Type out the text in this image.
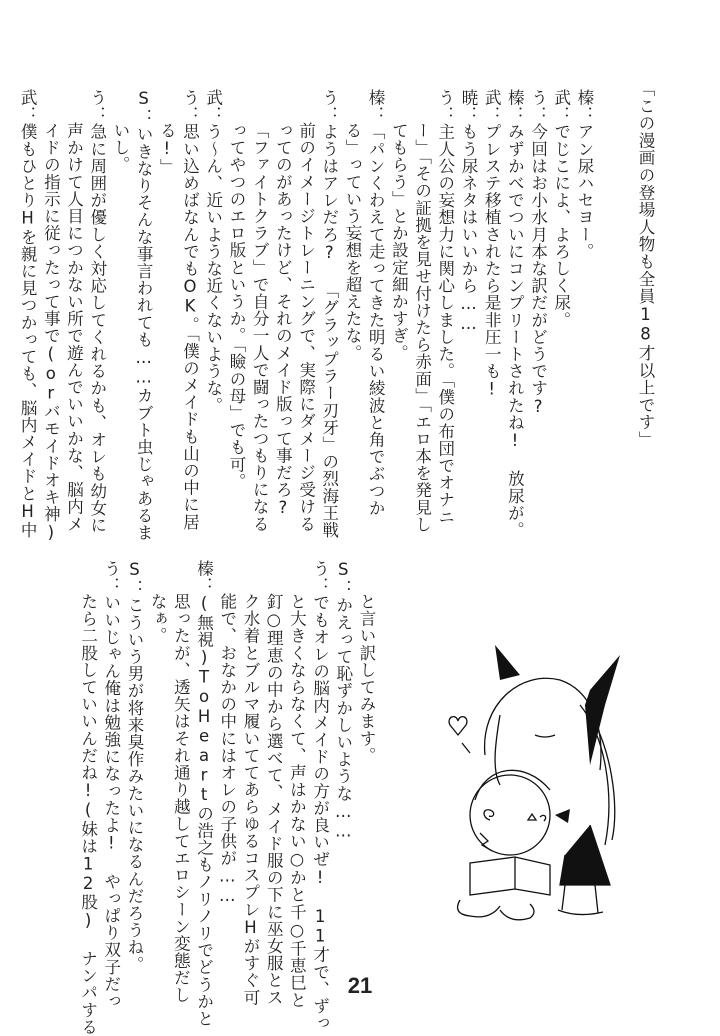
「この漫画の登場人物も全員18才以上です」
榛：アン尿ハセヨー。
武：でじこによ、よろしく尿。
う：今回はお小水月本な訳だがどうです?
榛：みずかべでついにコンプリートされたね! 放尿が。
武：プレステ移植されたら是非圧一も!
暁：もう尿ネタはいいから……
う：主人公の妄想力に関心しました。「僕の布団でオナニ
ー」「その証拠を見せ付けたら赤面」「エロ本を発見し
てもらう」とか設定細かすぎ。
榛：「パンくわえて走ってきた明るい綾波と角でぶつか
る」っていう妄想を超えたな。
う：ようはアレだろ? 「グラップラー刃牙」の烈海王戦
前のイメージトレーニングで、実際にダメージ受ける
ってのがあったけど、それのメイド版って事だろ?
「ファイトクラブ」で自分一人で闘ったつもりになる
ってやつのエロ版というか。「瞼の母」でも可。
武：う～ん、近いような近くないような。
う：思い込めばなんでもOK。「僕のメイドも山の中に居
る!」
S：いきなりそんな事言われても……カブト虫じゃあるま
いし。
う：急に周囲が優しく対応してくれるかも、オレも幼女に
声かけて人目につかない所で遊んでいいかな、脳内メ
イドの指示に従ったって事で(orバモイドオキ神)
武：僕もひとりHを親に見つかっても、脳内メイドとH中
と言い訳してみます。
S：かえって恥ずかしいような……
う：でもオレの脳内メイドの方が良いぜ! 11才で、ずっ
と大きくならなくて、声はかない○かと千○千恵巳と
釘○理恵の中から選べて、メイド服の下に巫女服とス
ク水着とブルマ履いててあらゆるコスプレHがすぐ可
能で、おなかの中にはオレの子供が……
榛：(無視)ToHeartの浩之もノリノリでどうかと
思ったが、透矢はそれ通り越してエロシーン変態だし
なぁ。
S：こういう男が将来臭作みたいになるんだろうね。
う：いいじゃん俺は勉強になったよ! やっぱり双子だっ
たら二股していいんだね!(妹は12股) ナンパする	21
